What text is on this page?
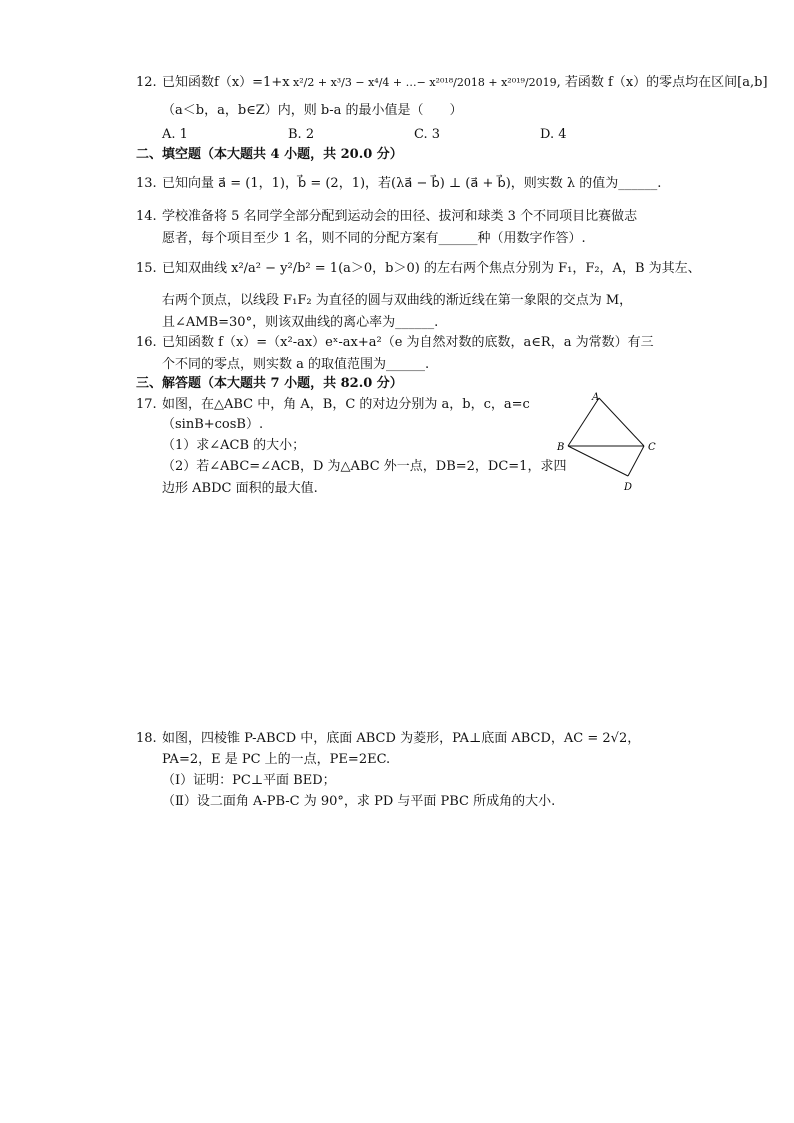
12. 已知函数f（x）=1+x x²/2 + x³/3 − x⁴/4 + …− x²⁰¹⁸/2018 + x²⁰¹⁹/2019, 若函数 f（x）的零点均在区间[a,b]
（a＜b，a，b∈Z）内，则 b-a 的最小值是（　　）
A. 1	B. 2	C. 3	D. 4
二、填空题（本大题共 4 小题，共 20.0 分）
13. 已知向量 a⃗ = (1，1)，b⃗ = (2，1)，若(λa⃗ − b⃗) ⊥ (a⃗ + b⃗)，则实数 λ 的值为______.
14. 学校准备将 5 名同学全部分配到运动会的田径、拔河和球类 3 个不同项目比赛做志
愿者，每个项目至少 1 名，则不同的分配方案有______种（用数字作答）.
15. 已知双曲线 x²/a² − y²/b² = 1(a＞0，b＞0) 的左右两个焦点分别为 F₁，F₂，A，B 为其左、
右两个顶点，以线段 F₁F₂ 为直径的圆与双曲线的渐近线在第一象限的交点为 M，
且∠AMB=30°，则该双曲线的离心率为______.
16. 已知函数 f（x）=（x²-ax）eˣ-ax+a²（e 为自然对数的底数，a∈R，a 为常数）有三
个不同的零点，则实数 a 的取值范围为______.
三、解答题（本大题共 7 小题，共 82.0 分）
17. 如图，在△ABC 中，角 A，B，C 的对边分别为 a，b，c，a=c
（sinB+cosB）.
（1）求∠ACB 的大小；
（2）若∠ABC=∠ACB，D 为△ABC 外一点，DB=2，DC=1，求四
边形 ABDC 面积的最大值.
A
B	C
D
18. 如图，四棱锥 P-ABCD 中，底面 ABCD 为菱形，PA⊥底面 ABCD，AC = 2√2，
PA=2，E 是 PC 上的一点，PE=2EC.
（Ⅰ）证明：PC⊥平面 BED；
（Ⅱ）设二面角 A-PB-C 为 90°，求 PD 与平面 PBC 所成角的大小.
